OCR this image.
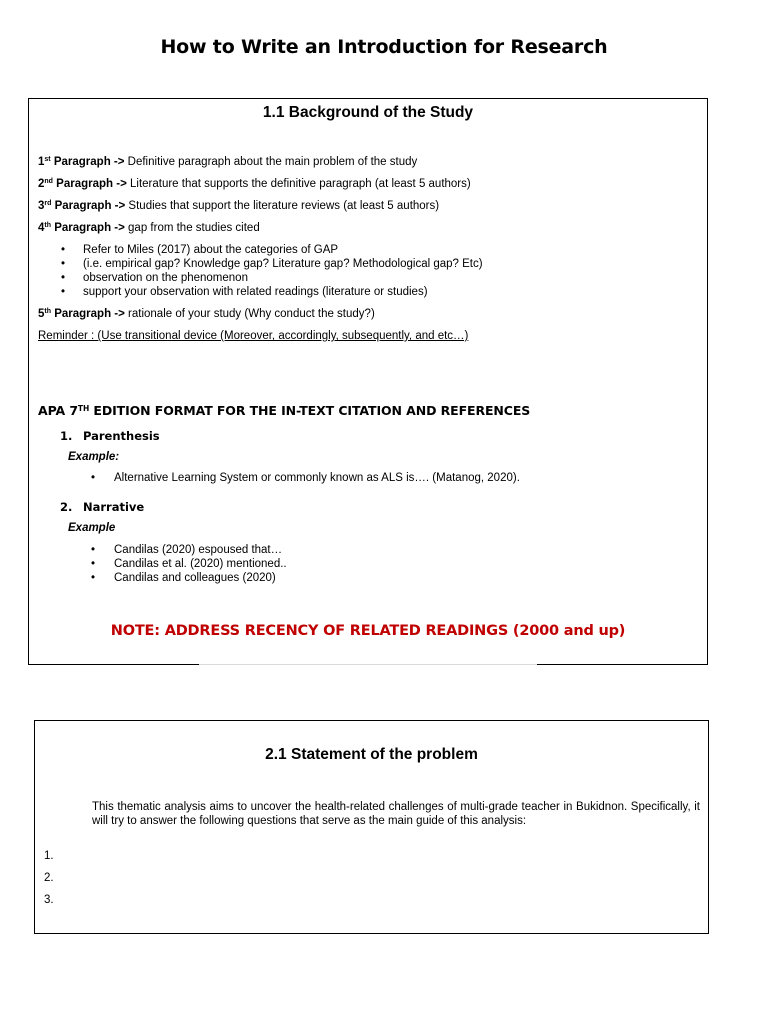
How to Write an Introduction for Research
1.1 Background of the Study
1st Paragraph -> Definitive paragraph about the main problem of the study
2nd Paragraph -> Literature that supports the definitive paragraph (at least 5 authors)
3rd Paragraph -> Studies that support the literature reviews (at least 5 authors)
4th Paragraph -> gap from the studies cited
• Refer to Miles (2017) about the categories of GAP
• (i.e. empirical gap? Knowledge gap? Literature gap? Methodological gap? Etc)
• observation on the phenomenon
• support your observation with related readings (literature or studies)
5th Paragraph -> rationale of your study (Why conduct the study?)
Reminder : (Use transitional device (Moreover, accordingly, subsequently, and etc…)
APA 7TH EDITION FORMAT FOR THE IN-TEXT CITATION AND REFERENCES
1. Parenthesis
Example:
• Alternative Learning System or commonly known as ALS is…. (Matanog, 2020).
2. Narrative
Example
• Candilas (2020) espoused that…
• Candilas et al. (2020) mentioned..
• Candilas and colleagues (2020)
NOTE: ADDRESS RECENCY OF RELATED READINGS (2000 and up)
2.1 Statement of the problem
This thematic analysis aims to uncover the health-related challenges of multi-grade teacher in Bukidnon. Specifically, it will try to answer the following questions that serve as the main guide of this analysis:
1.
2.
3.
